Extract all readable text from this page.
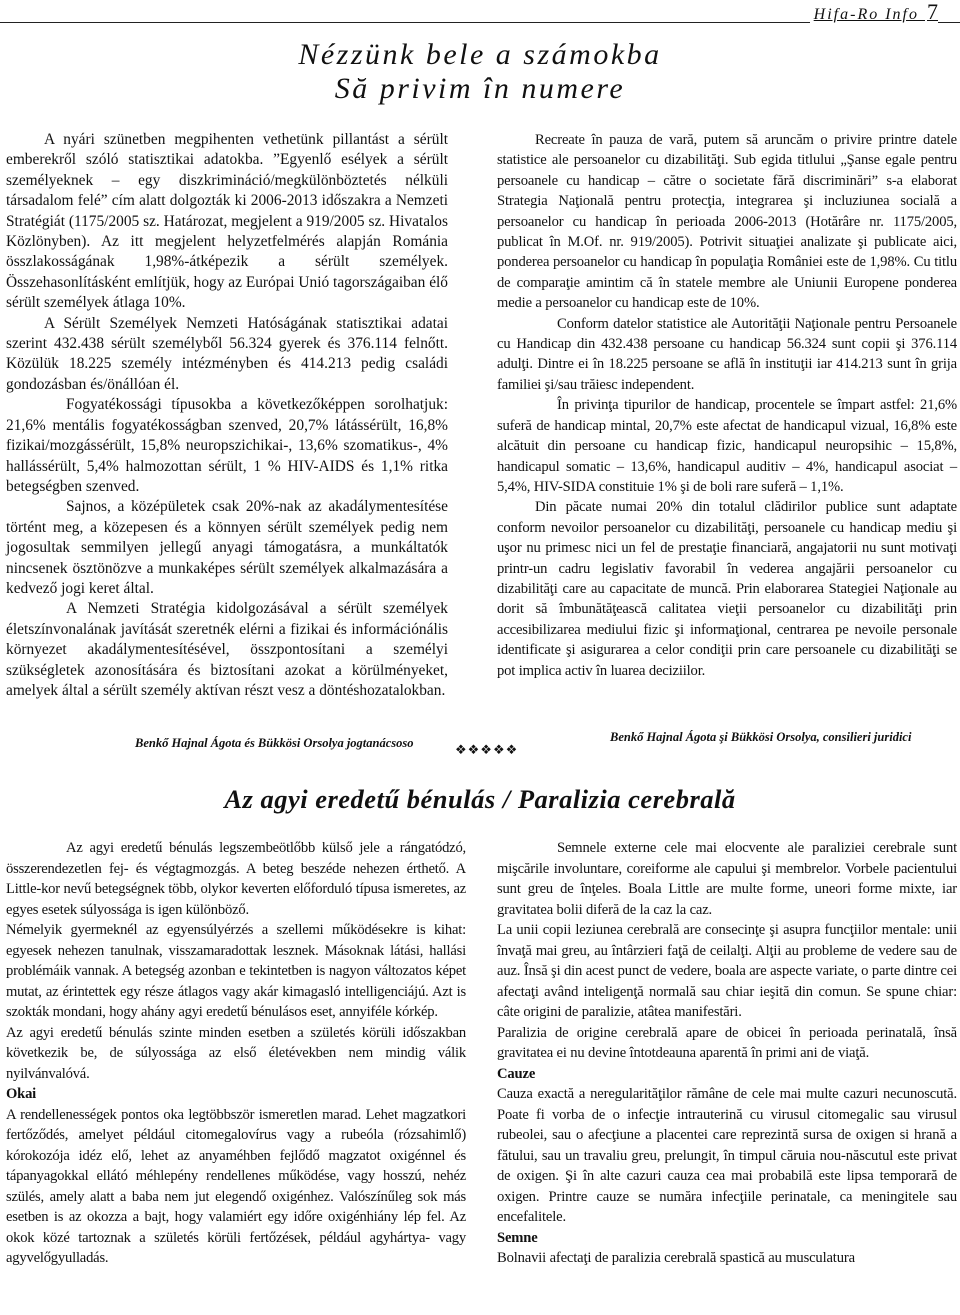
Hifa-Ro Info 7
Nézzünk bele a számokba
Să privim în numere

A nyári szünetben megpihenten vethetünk pillantást a sérült emberekről szóló statisztikai adatokba. ”Egyenlő esélyek a sérült személyeknek – egy diszkrimináció/megkülönböztetés nélküli társadalom felé” cím alatt dolgozták ki 2006-2013 időszakra a Nemzeti Stratégiát (1175/2005 sz. Határozat, megjelent a 919/2005 sz. Hivatalos Közlönyben). Az itt megjelent helyzetfelmérés alapján Románia összlakosságának 1,98%-átképezik a sérült személyek. Összehasonlításként említjük, hogy az Európai Unió tagországaiban élő sérült személyek átlaga 10%.

A Sérült Személyek Nemzeti Hatóságának statisztikai adatai szerint 432.438 sérült személyből 56.324 gyerek és 376.114 felnőtt. Közülük 18.225 személy intézményben és 414.213 pedig családi gondozásban és/önállóan él.

Fogyatékossági típusokba a következőképpen sorolhatjuk: 21,6% mentális fogyatékosságban szenved, 20,7% látássérült, 16,8% fizikai/mozgássérült, 15,8% neuropszichikai-, 13,6% szomatikus-, 4% hallássérült, 5,4% halmozottan sérült, 1 % HIV-AIDS és 1,1% ritka betegségben szenved.

Sajnos, a középületek csak 20%-nak az akadálymentesítése történt meg, a közepesen és a könnyen sérült személyek pedig nem jogosultak semmilyen jellegű anyagi támogatásra, a munkáltatók nincsenek ösztönözve a munkaképes sérült személyek alkalmazására a kedvező jogi keret által.

A Nemzeti Stratégia kidolgozásával a sérült személyek életszínvonalának javítását szeretnék elérni a fizikai és információnális környezet akadálymentesítésével, összpontosítani a személyi szükségletek azonosítására és biztosítani azokat a körülményeket, amelyek által a sérült személy aktívan részt vesz a döntéshozatalokban.

Benkő Hajnal Ágota és Bükkösi Orsolya jogtanácsoso

Recreate în pauza de vară, putem să aruncăm o privire printre datele statistice ale persoanelor cu dizabilităţi. Sub egida titlului „Şanse egale pentru persoanele cu handicap – către o societate fără discriminări” s-a elaborat Strategia Naţională pentru protecţia, integrarea şi incluziunea socială a persoanelor cu handicap în perioada 2006-2013 (Hotărâre nr. 1175/2005, publicat în M.Of. nr. 919/2005). Potrivit situaţiei analizate şi publicate aici, ponderea persoanelor cu handicap în populaţia României este de 1,98%. Cu titlu de comparaţie amintim că în statele membre ale Uniunii Europene ponderea medie a persoanelor cu handicap este de 10%.

Conform datelor statistice ale Autorităţii Naţionale pentru Persoanele cu Handicap din 432.438 persoane cu handicap 56.324 sunt copii şi 376.114 adulţi. Dintre ei în 18.225 persoane se află în instituţii iar 414.213 sunt în grija familiei şi/sau trăiesc independent.

În privinţa tipurilor de handicap, procentele se împart astfel: 21,6% suferă de handicap mintal, 20,7% este afectat de handicapul vizual, 16,8% este alcătuit din persoane cu handicap fizic, handicapul neuropsihic – 15,8%, handicapul somatic – 13,6%, handicapul auditiv – 4%, handicapul asociat – 5,4%, HIV-SIDA constituie 1% şi de boli rare suferă – 1,1%.

Din păcate numai 20% din totalul clădirilor publice sunt adaptate conform nevoilor persoanelor cu dizabilităţi, persoanele cu handicap mediu şi uşor nu primesc nici un fel de prestaţie financiară, angajatorii nu sunt motivaţi printr-un cadru legislativ favorabil în vederea angajării persoanelor cu dizabilităţi care au capacitate de muncă. Prin elaborarea Stategiei Naţionale au dorit să îmbunătăţească calitatea vieţii persoanelor cu dizabilităţi prin accesibilizarea mediului fizic şi informaţional, centrarea pe nevoile personale identificate şi asigurarea a celor condiţii prin care persoanele cu dizabilităţi se pot implica activ în luarea deciziilor.

Benkő Hajnal Ágota şi Bükkösi Orsolya, consilieri juridici
❖❖❖❖❖
Az agyi eredetű bénulás / Paralizia cerebrală

Az agyi eredetű bénulás legszembeötlőbb külső jele a rángatódzó, összerendezetlen fej- és végtagmozgás. A beteg beszéde nehezen érthető. A Little-kor nevű betegségnek több, olykor keverten előforduló típusa ismeretes, az egyes esetek súlyossága is igen különböző.

Némelyik gyermeknél az egyensúlyérzés a szellemi működésekre is kihat: egyesek nehezen tanulnak, visszamaradottak lesznek. Másoknak látási, hallási problémáik vannak. A betegség azonban e tekintetben is nagyon változatos képet mutat, az érintettek egy része átlagos vagy akár kimagasló intelligenciájú. Azt is szokták mondani, hogy ahány agyi eredetű bénulásos eset, annyiféle kórkép.

Az agyi eredetű bénulás szinte minden esetben a születés körüli időszakban következik be, de súlyossága az első életévekben nem mindig válik nyilvánvalóvá.

Okai

A rendellenességek pontos oka legtöbbször ismeretlen marad. Lehet magzatkori fertőződés, amelyet például citomegalovírus vagy a rubeóla (rózsahimlő) kórokozója idéz elő, lehet az anyaméhben fejlődő magzatot oxigénnel és tápanyagokkal ellátó méhlepény rendellenes működése, vagy hosszú, nehéz szülés, amely alatt a baba nem jut elegendő oxigénhez. Valószínűleg sok más esetben is az okozza a bajt, hogy valamiért egy időre oxigénhiány lép fel. Az okok közé tartoznak a születés körüli fertőzések, például agyhártya- vagy agyvelőgyulladás.

Semnele externe cele mai elocvente ale paraliziei cerebrale sunt mişcările involuntare, coreiforme ale capului şi membrelor. Vorbele pacientului sunt greu de înţeles. Boala Little are multe forme, uneori forme mixte, iar gravitatea bolii diferă de la caz la caz.

La unii copii leziunea cerebrală are consecinţe şi asupra funcţiilor mentale: unii învaţă mai greu, au întârzieri faţă de ceilalţi. Alţii au probleme de vedere sau de auz. Însă şi din acest punct de vedere, boala are aspecte variate, o parte dintre cei afectaţi având inteligenţă normală sau chiar ieşită din comun. Se spune chiar: câte origini de paralizie, atâtea manifestări.

Paralizia de origine cerebrală apare de obicei în perioada perinatală, însă gravitatea ei nu devine întotdeauna aparentă în primi ani de viaţă.

Cauze

Cauza exactă a neregularităţilor rămâne de cele mai multe cazuri necunoscută. Poate fi vorba de o infecţie intrauterină cu virusul citomegalic sau virusul rubeolei, sau o afecţiune a placentei care reprezintă sursa de oxigen si hrană a fătului, sau un travaliu greu, prelungit, în timpul căruia nou-născutul este privat de oxigen. Şi în alte cazuri cauza cea mai probabilă este lipsa temporară de oxigen. Printre cauze se număra infecţiile perinatale, ca meningitele sau encefalitele.

Semne

Bolnavii afectaţi de paralizia cerebrală spastică au musculatura
